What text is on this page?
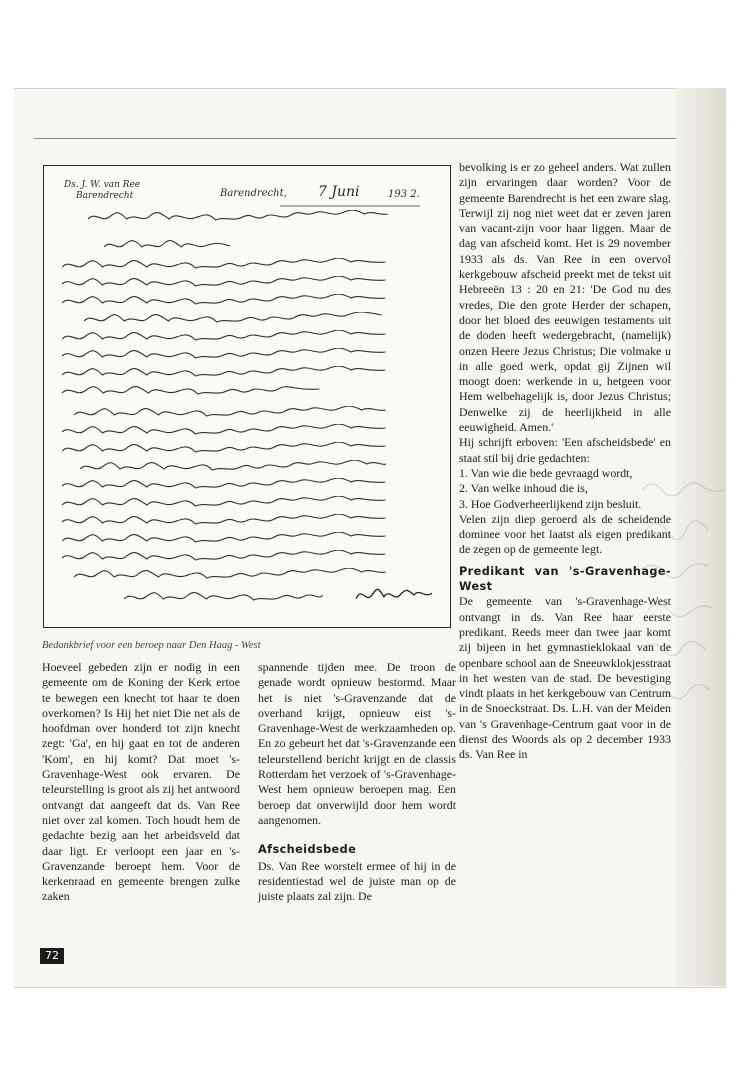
Ds. J. W. van Ree
Barendrecht	Barendrecht, 7 Juni	193 2.
Bedankbrief voor een beroep naar Den Haag - West

Hoeveel gebeden zijn er nodig in een gemeente om de Koning der Kerk ertoe te bewegen een knecht tot haar te doen overkomen? Is Hij het niet Die net als de hoofdman over honderd tot zijn knecht zegt: 'Ga', en hij gaat en tot de anderen 'Kom', en hij komt? Dat moet 's-Gravenhage-West ook ervaren. De teleurstelling is groot als zij het antwoord ontvangt dat aangeeft dat ds. Van Ree niet over zal komen. Toch houdt hem de gedachte bezig aan het arbeidsveld dat daar ligt. Er verloopt een jaar en 's-Gravenzande beroept hem. Voor de kerkenraad en gemeente brengen zulke zaken

spannende tijden mee. De troon de genade wordt opnieuw bestormd. Maar het is niet 's-Gravenzande dat de overhand krijgt, opnieuw eist 's-Gravenhage-West de werkzaamheden op. En zo gebeurt het dat 's-Gravenzande een teleurstellend bericht krijgt en de classis Rotterdam het verzoek of 's-Gravenhage-West hem opnieuw beroepen mag. Een beroep dat onverwijld door hem wordt aangenomen.

Afscheidsbede

Ds. Van Ree worstelt ermee of hij in de residentiestad wel de juiste man op de juiste plaats zal zijn. De

bevolking is er zo geheel anders. Wat zullen zijn ervaringen daar worden? Voor de gemeente Barendrecht is het een zware slag. Terwijl zij nog niet weet dat er zeven jaren van vacant-zijn voor haar liggen. Maar de dag van afscheid komt. Het is 29 november 1933 als ds. Van Ree in een overvol kerkgebouw afscheid preekt met de tekst uit Hebreeën 13 : 20 en 21: 'De God nu des vredes, Die den grote Herder der schapen, door het bloed des eeuwigen testaments uit de doden heeft wedergebracht, (namelijk) onzen Heere Jezus Christus; Die volmake u in alle goed werk, opdat gij Zijnen wil moogt doen: werkende in u, hetgeen voor Hem welbehagelijk is, door Jezus Christus; Denwelke zij de heerlijkheid in alle eeuwigheid. Amen.'

Hij schrijft erboven: 'Een afscheidsbede' en staat stil bij drie gedachten:

1. Van wie die bede gevraagd wordt,
2. Van welke inhoud die is,
3. Hoe Godverheerlijkend zijn besluit.

Velen zijn diep geroerd als de scheidende dominee voor het laatst als eigen predikant de zegen op de gemeente legt.

Predikant van 's-Gravenhage-West

De gemeente van 's-Gravenhage-West ontvangt in ds. Van Ree haar eerste predikant. Reeds meer dan twee jaar komt zij bijeen in het gymnastieklokaal van de openbare school aan de Sneeuwklokjesstraat in het westen van de stad. De bevestiging vindt plaats in het kerkgebouw van Centrum in de Snoeckstraat. Ds. L.H. van der Meiden van 's Gravenhage-Centrum gaat voor in de dienst des Woords als op 2 december 1933 ds. Van Ree in

72
